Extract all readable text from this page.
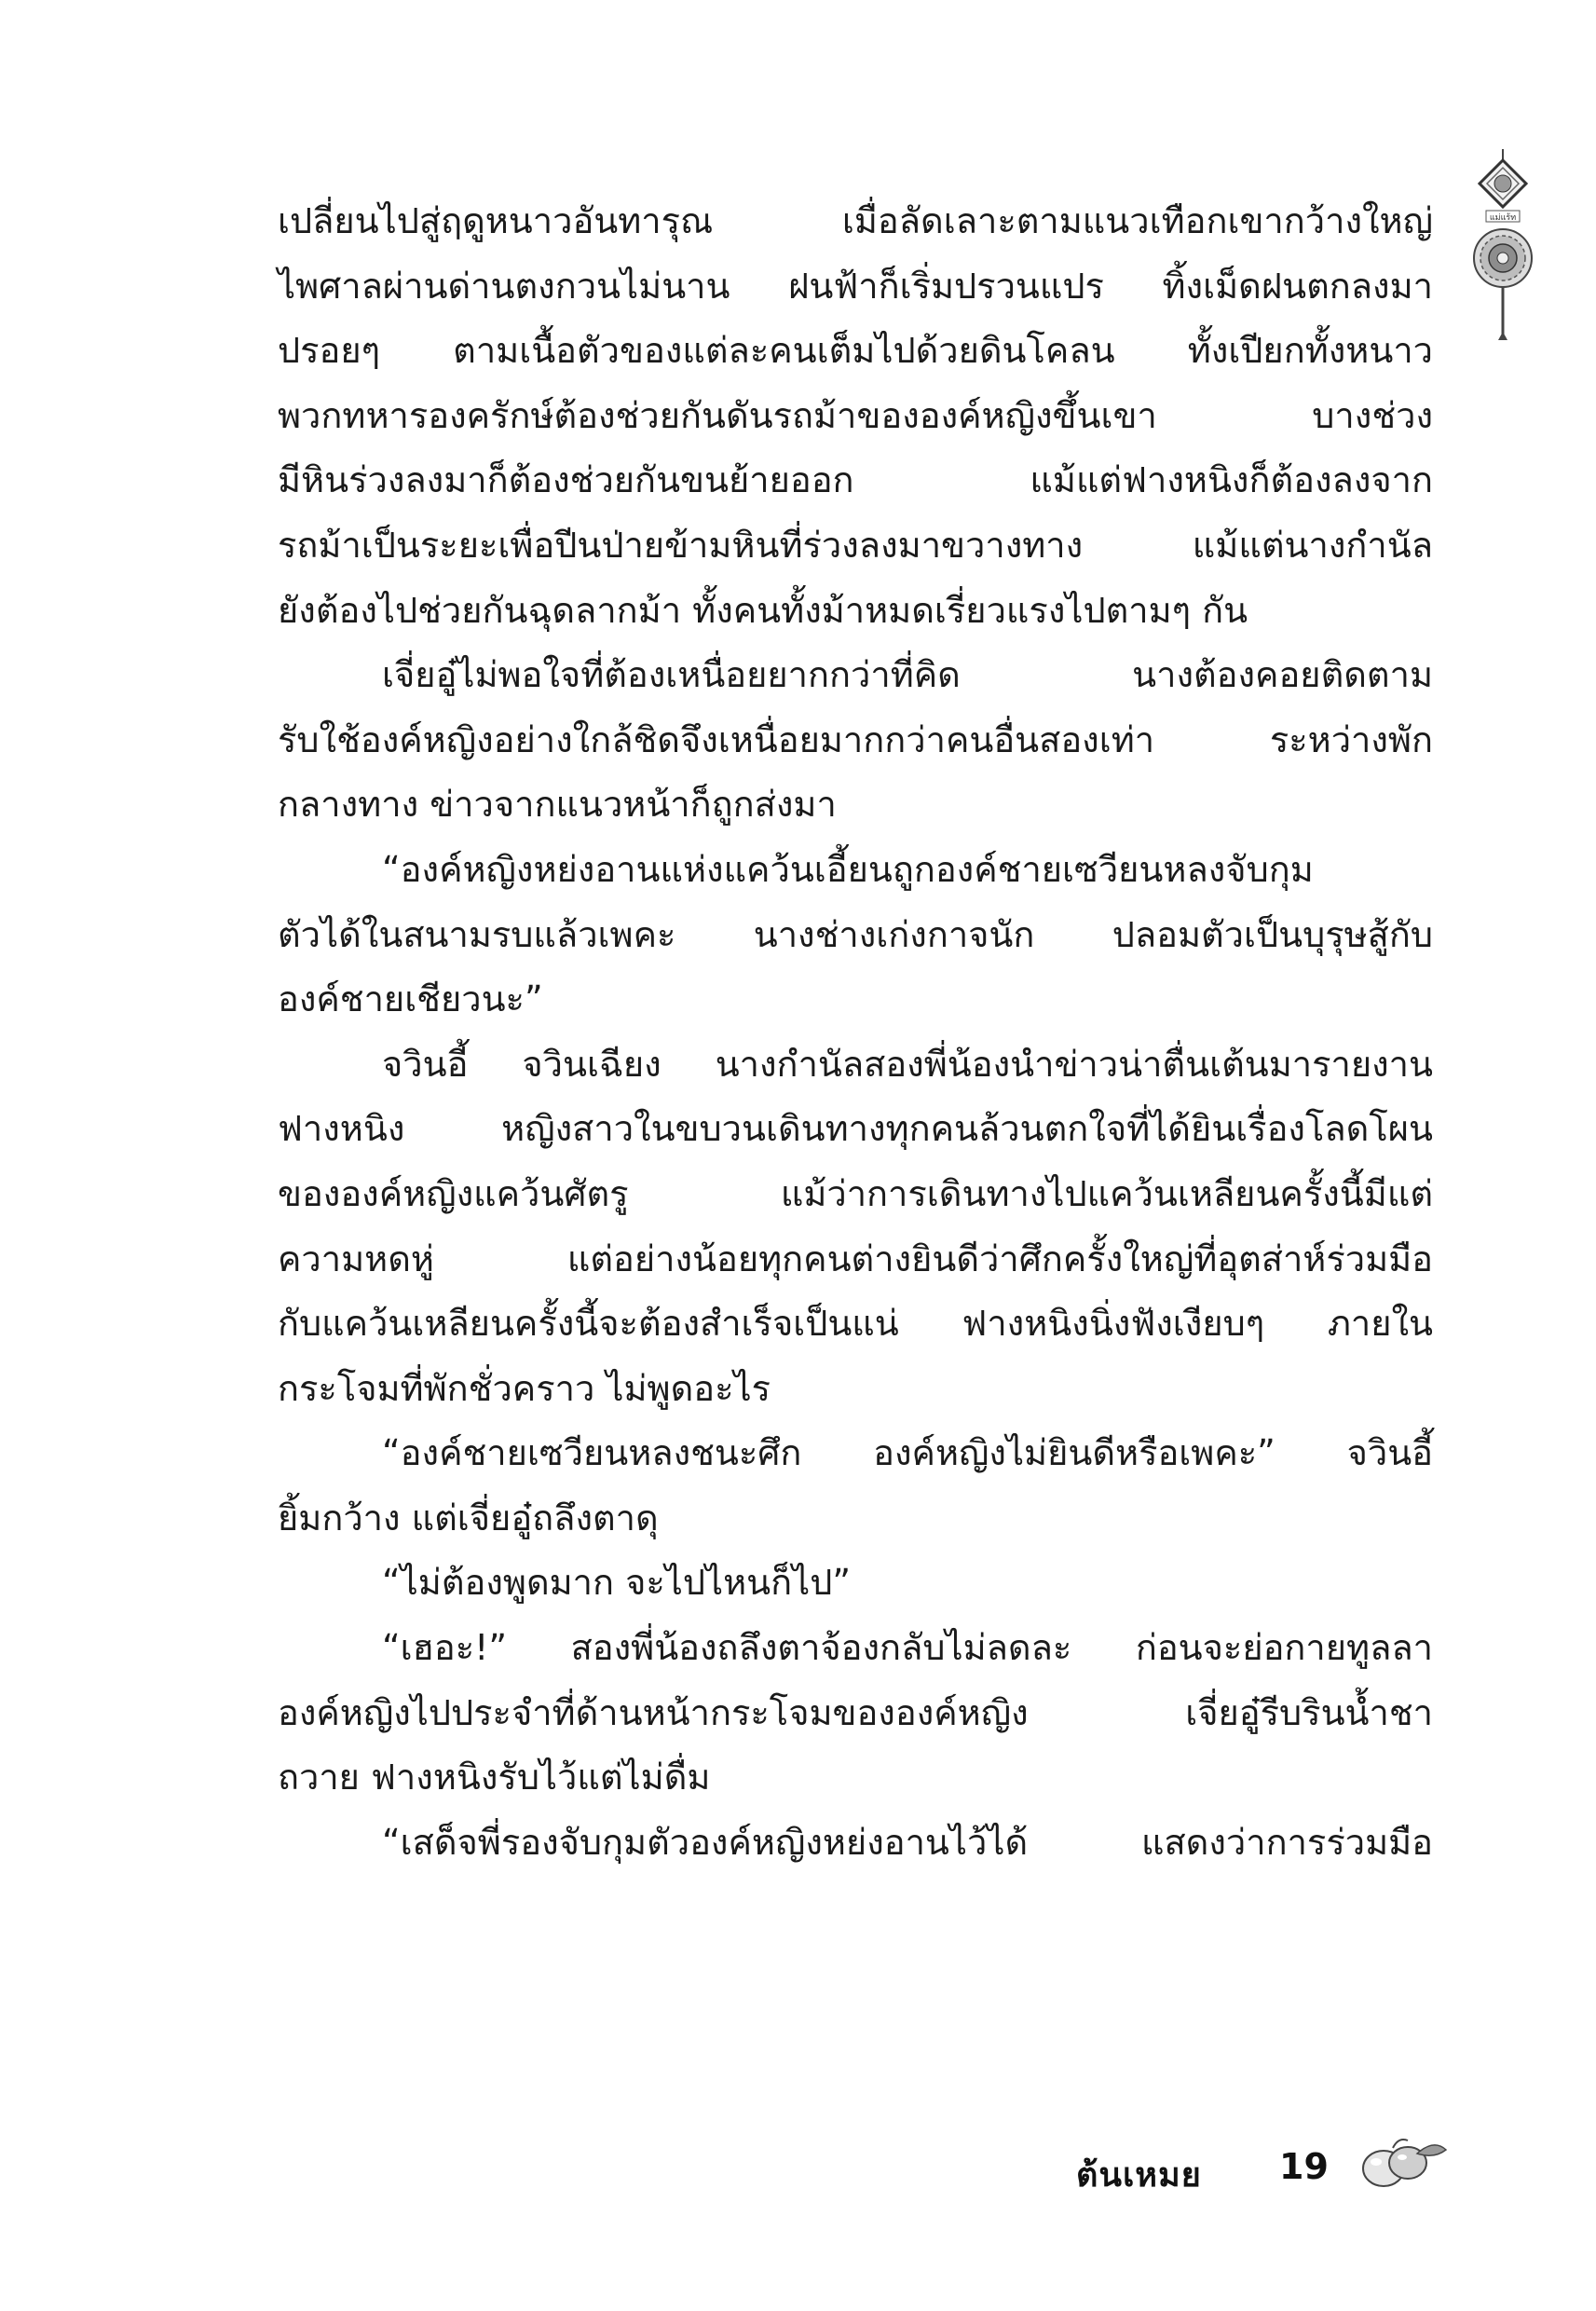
เปลี่ยนไปสู่ฤดูหนาวอันทารุณ เมื่อลัดเลาะตามแนวเทือกเขากว้างใหญ่
ไพศาลผ่านด่านตงกวนไม่นาน ฝนฟ้าก็เริ่มปรวนแปร ทิ้งเม็ดฝนตกลงมา
ปรอยๆ ตามเนื้อตัวของแต่ละคนเต็มไปด้วยดินโคลน ทั้งเปียกทั้งหนาว
พวกทหารองครักษ์ต้องช่วยกันดันรถม้าขององค์หญิงขึ้นเขา บางช่วง
มีหินร่วงลงมาก็ต้องช่วยกันขนย้ายออก แม้แต่ฟางหนิงก็ต้องลงจาก
รถม้าเป็นระยะเพื่อปีนป่ายข้ามหินที่ร่วงลงมาขวางทาง แม้แต่นางกำนัล
ยังต้องไปช่วยกันฉุดลากม้า ทั้งคนทั้งม้าหมดเรี่ยวแรงไปตามๆ กัน
เจี่ยอู๋ไม่พอใจที่ต้องเหนื่อยยากกว่าที่คิด นางต้องคอยติดตาม
รับใช้องค์หญิงอย่างใกล้ชิดจึงเหนื่อยมากกว่าคนอื่นสองเท่า ระหว่างพัก
กลางทาง ข่าวจากแนวหน้าก็ถูกส่งมา
“องค์หญิงหย่งอานแห่งแคว้นเอี้ยนถูกองค์ชายเซวียนหลงจับกุม
ตัวได้ในสนามรบแล้วเพคะ นางช่างเก่งกาจนัก ปลอมตัวเป็นบุรุษสู้กับ
องค์ชายเชียวนะ”
จวินอี้ จวินเฉียง นางกำนัลสองพี่น้องนำข่าวน่าตื่นเต้นมารายงาน
ฟางหนิง หญิงสาวในขบวนเดินทางทุกคนล้วนตกใจที่ได้ยินเรื่องโลดโผน
ขององค์หญิงแคว้นศัตรู แม้ว่าการเดินทางไปแคว้นเหลียนครั้งนี้มีแต่
ความหดหู่ แต่อย่างน้อยทุกคนต่างยินดีว่าศึกครั้งใหญ่ที่อุตส่าห์ร่วมมือ
กับแคว้นเหลียนครั้งนี้จะต้องสำเร็จเป็นแน่ ฟางหนิงนิ่งฟังเงียบๆ ภายใน
กระโจมที่พักชั่วคราว ไม่พูดอะไร
“องค์ชายเซวียนหลงชนะศึก องค์หญิงไม่ยินดีหรือเพคะ” จวินอี้
ยิ้มกว้าง แต่เจี่ยอู๋ถลึงตาดุ
“ไม่ต้องพูดมาก จะไปไหนก็ไป”
“เฮอะ!” สองพี่น้องถลึงตาจ้องกลับไม่ลดละ ก่อนจะย่อกายทูลลา
องค์หญิงไปประจำที่ด้านหน้ากระโจมขององค์หญิง เจี่ยอู๋รีบรินน้ำชา
ถวาย ฟางหนิงรับไว้แต่ไม่ดื่ม
“เสด็จพี่รองจับกุมตัวองค์หญิงหย่งอานไว้ได้ แสดงว่าการร่วมมือ
แม่แร้ท
ต้นเหมย	19
